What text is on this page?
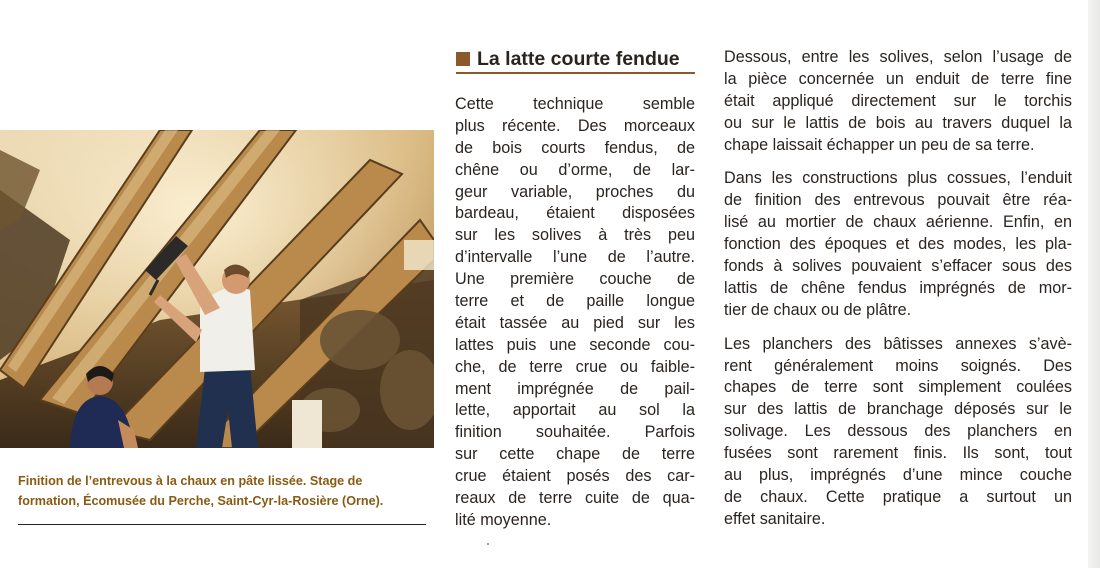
Finition de l’entrevous à la chaux en pâte lissée. Stage de
formation, Écomusée du Perche, Saint-Cyr-la-Rosière (Orne).
La latte courte fendue

Cette technique semble
plus récente. Des morceaux
de bois courts fendus, de
chêne ou d’orme, de lar-
geur variable, proches du
bardeau, étaient disposées
sur les solives à très peu
d’intervalle l’une de l’autre.
Une première couche de
terre et de paille longue
était tassée au pied sur les
lattes puis une seconde cou-
che, de terre crue ou faible-
ment imprégnée de pail-
lette, apportait au sol la
finition souhaitée. Parfois
sur cette chape de terre
crue étaient posés des car-
reaux de terre cuite de qua-
lité moyenne.

Dessous, entre les solives, selon l’usage de
la pièce concernée un enduit de terre fine
était appliqué directement sur le torchis
ou sur le lattis de bois au travers duquel la
chape laissait échapper un peu de sa terre.

Dans les constructions plus cossues, l’enduit
de finition des entrevous pouvait être réa-
lisé au mortier de chaux aérienne. Enfin, en
fonction des époques et des modes, les pla-
fonds à solives pouvaient s’effacer sous des
lattis de chêne fendus imprégnés de mor-
tier de chaux ou de plâtre.

Les planchers des bâtisses annexes s’avè-
rent généralement moins soignés. Des
chapes de terre sont simplement coulées
sur des lattis de branchage déposés sur le
solivage. Les dessous des planchers en
fusées sont rarement finis. Ils sont, tout
au plus, imprégnés d’une mince couche
de chaux. Cette pratique a surtout un
effet sanitaire.
